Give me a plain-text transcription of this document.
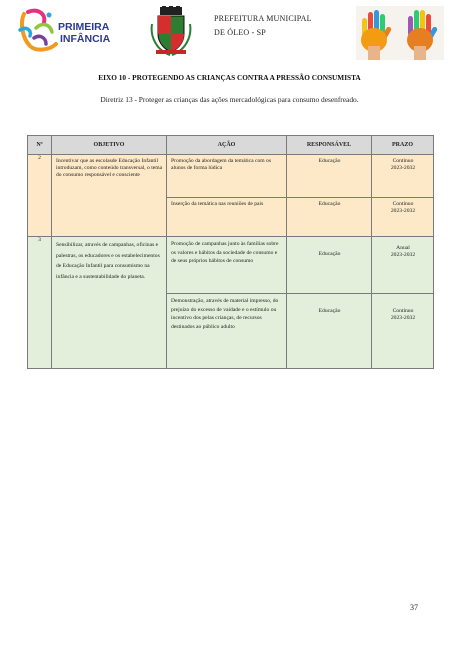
PRIMEIRA
INFÂNCIA
PREFEITURA MUNICIPAL
DE ÓLEO - SP
EIXO 10 - PROTEGENDO AS CRIANÇAS CONTRA A PRESSÃO CONSUMISTA
Diretriz 13 - Proteger as crianças das ações mercadológicas para consumo desenfreado.
Nº	OBJETIVO	AÇÃO	RESPONSÁVEL	PRAZO
2	Incentivar que as escolasde Educação Infantil introduzam, como conteúdo transversal, o tema do consumo responsável e consciente	Promoção da abordagem da temática com os alunos de forma lúdica	Educação	Contínuo
2023-2032

		Inserção da temática nas reuniões de pais	Educação	Contínuo
2023-2032

3	Sensibilizar, através de campanhas, oficinas e palestras, os educadores e os estabelecimentos de Educação Infantil para consumismo na infância e a sustentabilidade do planeta.	Promoção de campanhas junto às famílias sobre os valores e hábitos da sociedade de consumo e de seus próprios hábitos de consumo	Educação	Anual
2023-2032

		Demonstração, através de material impresso, do prejuízo do excesso de vaidade e o estímulo ou incentivo dos pelas crianças, de recursos destinados ao público adulto	Educação	Contínuo
2023-2032
37
